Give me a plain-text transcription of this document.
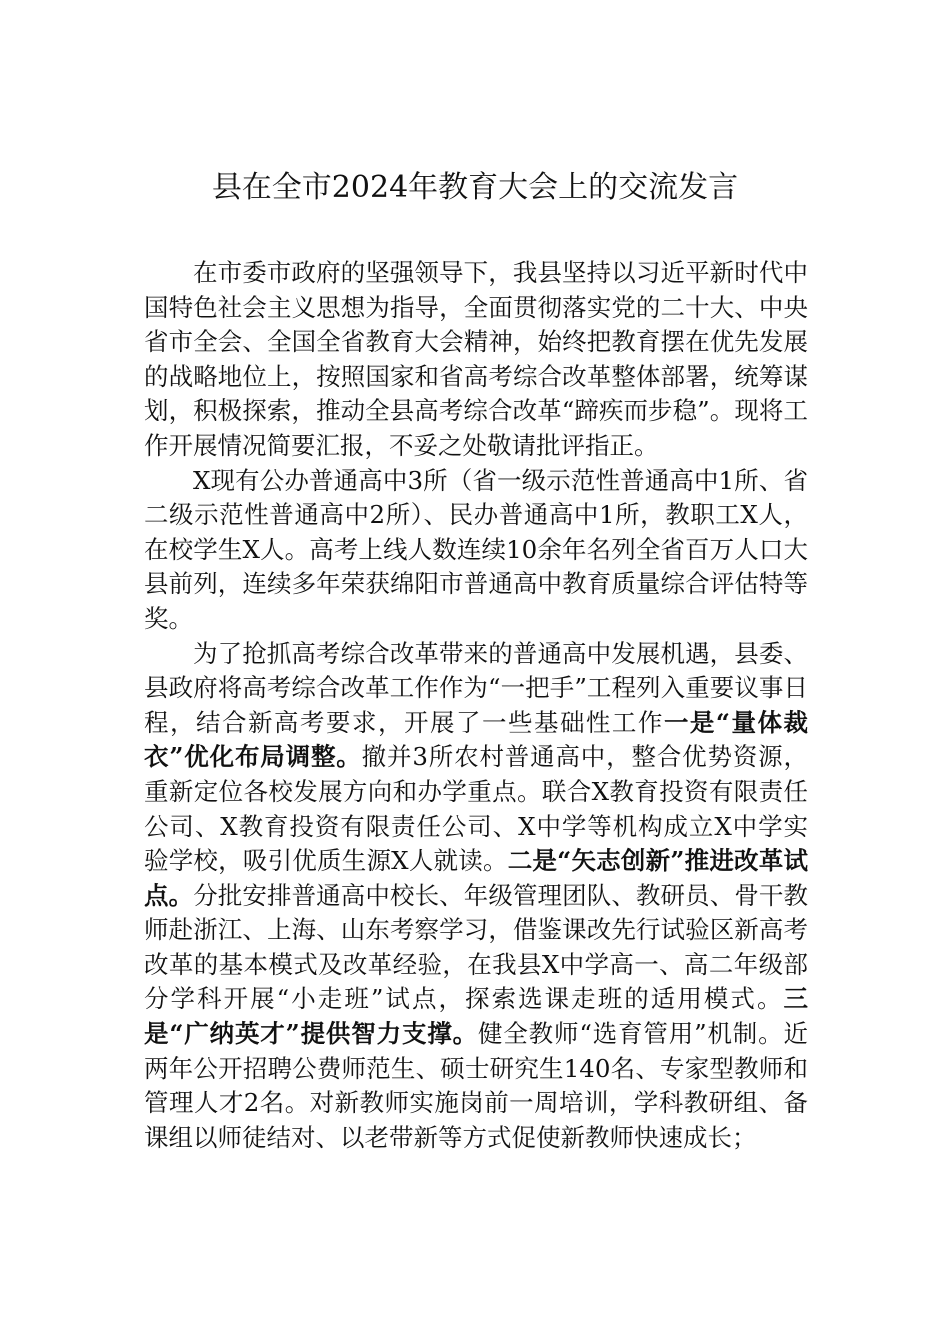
县在全市2024年教育大会上的交流发言

在市委市政府的坚强领导下，我县坚持以习近平新时代中国特色社会主义思想为指导，全面贯彻落实党的二十大、中央省市全会、全国全省教育大会精神，始终把教育摆在优先发展的战略地位上，按照国家和省高考综合改革整体部署，统筹谋划，积极探索，推动全县高考综合改革“蹄疾而步稳”。现将工作开展情况简要汇报，不妥之处敬请批评指正。

X现有公办普通高中3所（省一级示范性普通高中1所、省二级示范性普通高中2所）、民办普通高中1所，教职工X人，在校学生X人。高考上线人数连续10余年名列全省百万人口大县前列，连续多年荣获绵阳市普通高中教育质量综合评估特等奖。

为了抢抓高考综合改革带来的普通高中发展机遇，县委、县政府将高考综合改革工作作为“一把手”工程列入重要议事日程，结合新高考要求，开展了一些基础性工作一是“量体裁衣”优化布局调整。撤并3所农村普通高中，整合优势资源，重新定位各校发展方向和办学重点。联合X教育投资有限责任公司、X教育投资有限责任公司、X中学等机构成立X中学实验学校，吸引优质生源X人就读。二是“矢志创新”推进改革试点。分批安排普通高中校长、年级管理团队、教研员、骨干教师赴浙江、上海、山东考察学习，借鉴课改先行试验区新高考改革的基本模式及改革经验，在我县X中学高一、高二年级部分学科开展“小走班”试点，探索选课走班的适用模式。三是“广纳英才”提供智力支撑。健全教师“选育管用”机制。近两年公开招聘公费师范生、硕士研究生140名、专家型教师和管理人才2名。对新教师实施岗前一周培训，学科教研组、备课组以师徒结对、以老带新等方式促使新教师快速成长；
